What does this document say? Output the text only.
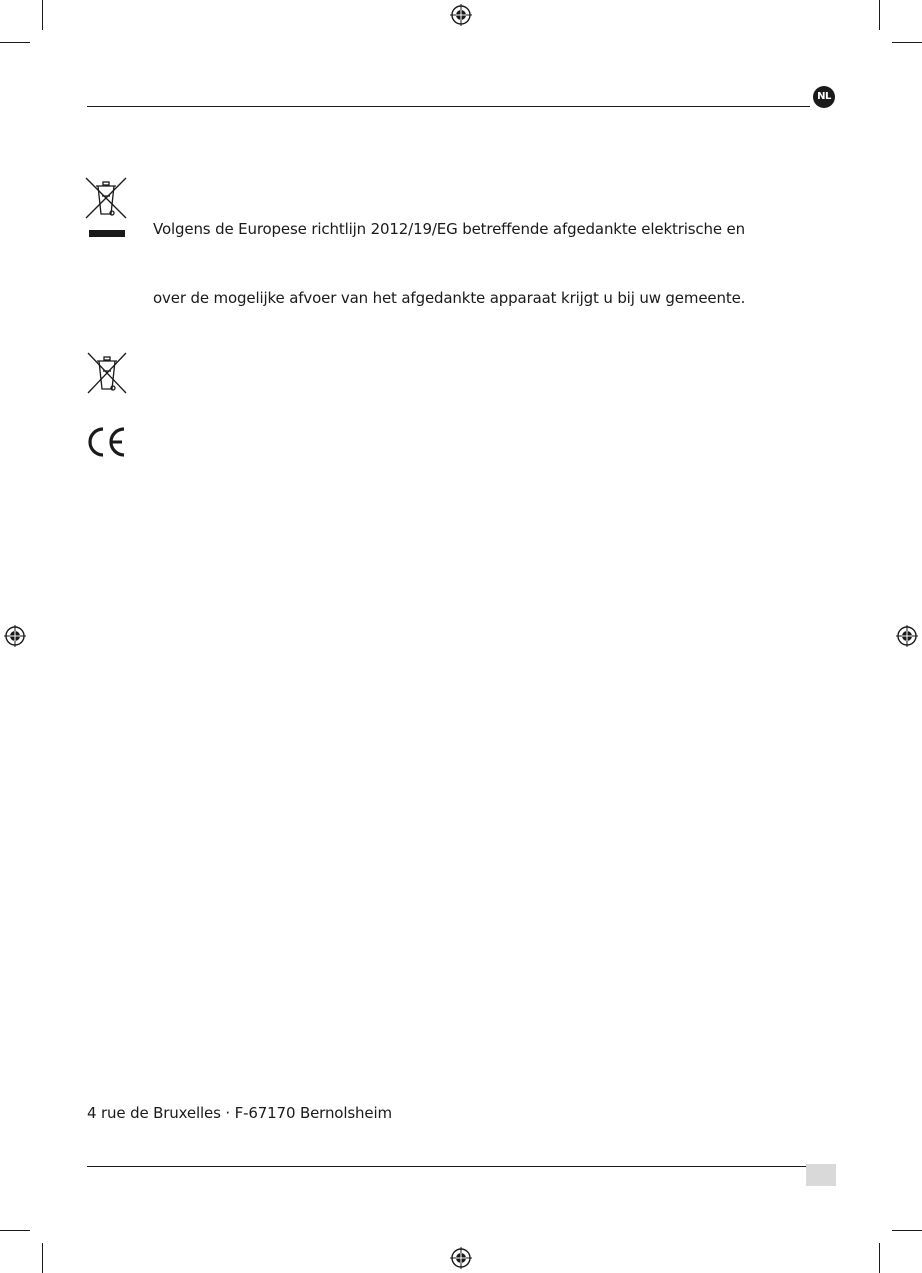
NL
Volgens de Europese richtlijn 2012/19/EG betreffende afgedankte elektrische en
over de mogelijke afvoer van het afgedankte apparaat krijgt u bij uw gemeente.
4 rue de Bruxelles · F-67170 Bernolsheim
